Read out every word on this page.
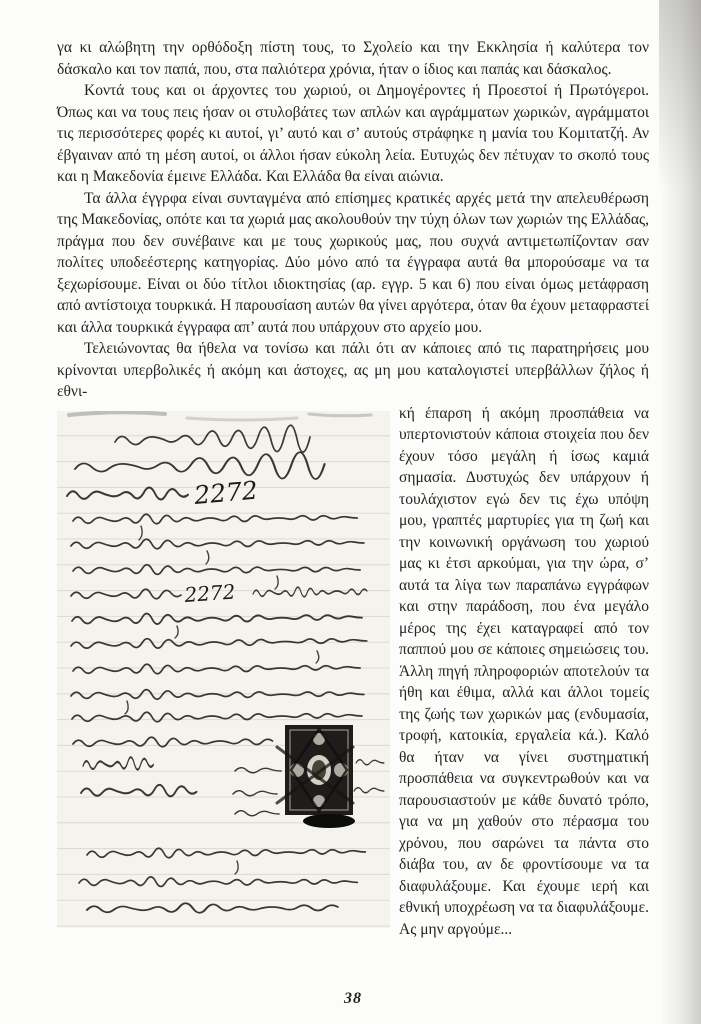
γα κι αλώβητη την ορθόδοξη πίστη τους, το Σχολείο και την Εκκλησία ή καλύτερα τον δάσκαλο και τον παπά, που, στα παλιότερα χρόνια, ήταν ο ίδιος και παπάς και δάσκαλος.

Κοντά τους και οι άρχοντες του χωριού, οι Δημογέροντες ή Προεστοί ή Πρωτόγεροι. Όπως και να τους πεις ήσαν οι στυλοβάτες των απλών και αγράμματων χωρικών, αγράμματοι τις περισσότερες φορές κι αυτοί, γι’ αυτό και σ’ αυτούς στράφηκε η μανία του Κομιτατζή. Αν έβγαιναν από τη μέση αυτοί, οι άλλοι ήσαν εύκολη λεία. Ευτυχώς δεν πέτυχαν το σκοπό τους και η Μακεδονία έμεινε Ελλάδα. Και Ελλάδα θα είναι αιώνια.

Τα άλλα έγγρφα είναι συνταγμένα από επίσημες κρατικές αρχές μετά την απελευθέρωση της Μακεδονίας, οπότε και τα χωριά μας ακολουθούν την τύχη όλων των χωριών της Ελλάδας, πράγμα που δεν συνέβαινε και με τους χωρικούς μας, που συχνά αντιμετωπίζονταν σαν πολίτες υποδεέστερης κατηγορίας. Δύο μόνο από τα έγγραφα αυτά θα μπορούσαμε να τα ξεχωρίσουμε. Είναι οι δύο τίτλοι ιδιοκτησίας (αρ. εγγρ. 5 και 6) που είναι όμως μετάφραση από αντίστοιχα τουρκικά. Η παρουσίαση αυτών θα γίνει αργότερα, όταν θα έχουν μεταφραστεί και άλλα τουρκικά έγγραφα απ’ αυτά που υπάρχουν στο αρχείο μου.

Τελειώνοντας θα ήθελα να τονίσω και πάλι ότι αν κάποιες από τις παρατηρήσεις μου κρίνονται υπερβολικές ή ακόμη και άστοχες, ας μη μου καταλογιστεί υπερβάλλων ζήλος ή εθνι-

2272
2272

κή έπαρση ή ακόμη προσπάθεια να υπερτονιστούν κάποια στοιχεία που δεν έχουν τόσο μεγάλη ή ίσως καμιά σημασία. Δυστυχώς δεν υπάρχουν ή τουλάχιστον εγώ δεν τις έχω υπόψη μου, γραπτές μαρτυρίες για τη ζωή και την κοινωνική οργάνωση του χωριού μας κι έτσι αρκούμαι, για την ώρα, σ’ αυτά τα λίγα των παραπάνω εγγράφων και στην παράδοση, που ένα μεγάλο μέρος της έχει καταγραφεί από τον παππού μου σε κάποιες σημειώσεις του. Άλλη πηγή πληροφοριών αποτελούν τα ήθη και έθιμα, αλλά και άλλοι τομείς της ζωής των χωρικών μας (ενδυμασία, τροφή, κατοικία, εργαλεία κά.). Καλό θα ήταν να γίνει συστηματική προσπάθεια να συγκεντρωθούν και να παρουσιαστούν με κάθε δυνατό τρόπο, για να μη χαθούν στο πέρασμα του χρόνου, που σαρώνει τα πάντα στο διάβα του, αν δε φροντίσουμε να τα διαφυλάξουμε. Και έχουμε ιερή και εθνική υποχρέωση να τα διαφυλάξουμε. Ας μην αργούμε...

38
